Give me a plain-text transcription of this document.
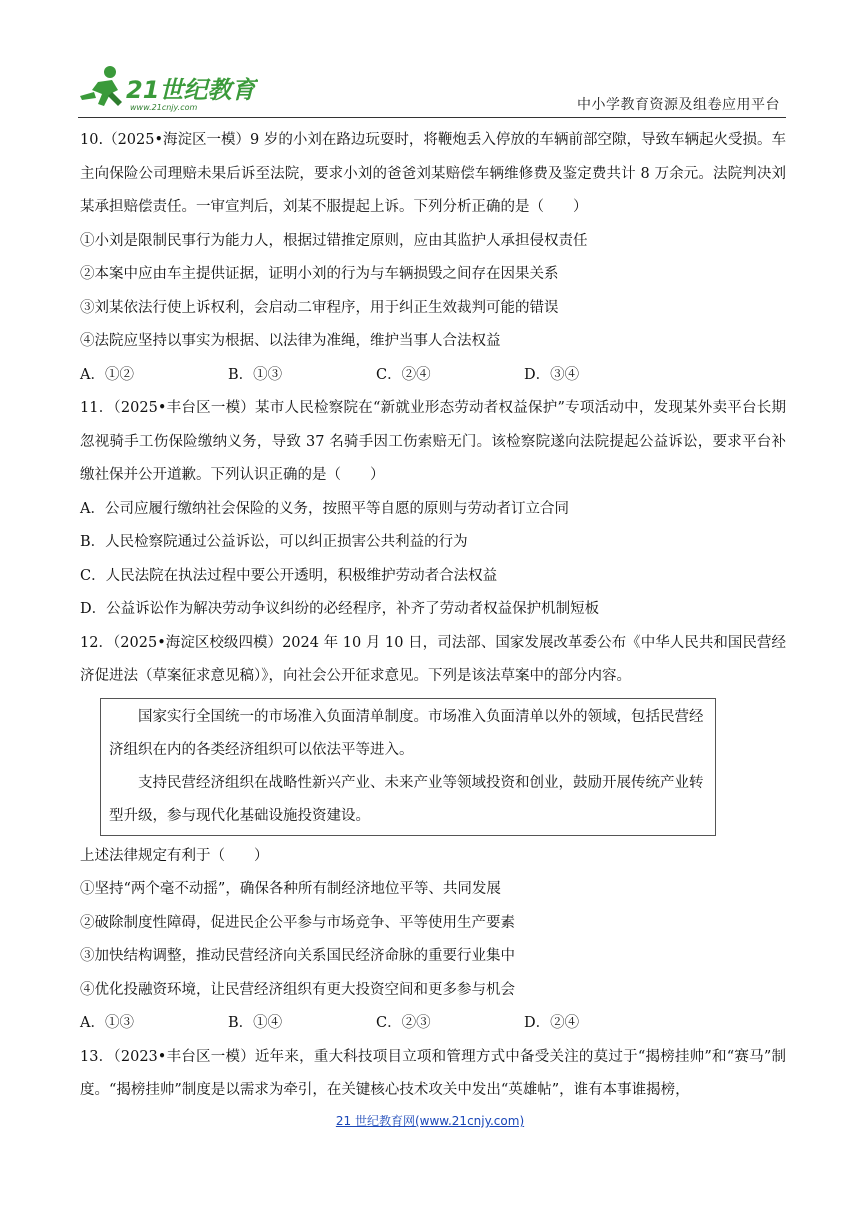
21世纪教育
www.21cnjy.com	中小学教育资源及组卷应用平台

10.（2025•海淀区一模）9 岁的小刘在路边玩耍时，将鞭炮丢入停放的车辆前部空隙，导致车辆起火受损。车主向保险公司理赔未果后诉至法院，要求小刘的爸爸刘某赔偿车辆维修费及鉴定费共计 8 万余元。法院判决刘某承担赔偿责任。一审宣判后，刘某不服提起上诉。下列分析正确的是（　　）

①小刘是限制民事行为能力人，根据过错推定原则，应由其监护人承担侵权责任

②本案中应由车主提供证据，证明小刘的行为与车辆损毁之间存在因果关系

③刘某依法行使上诉权利，会启动二审程序，用于纠正生效裁判可能的错误

④法院应坚持以事实为根据、以法律为准绳，维护当事人合法权益

A．①②	B．①③	C．②④	D．③④

11．（2025•丰台区一模）某市人民检察院在“新就业形态劳动者权益保护”专项活动中，发现某外卖平台长期忽视骑手工伤保险缴纳义务，导致 37 名骑手因工伤索赔无门。该检察院遂向法院提起公益诉讼，要求平台补缴社保并公开道歉。下列认识正确的是（　　）

A．公司应履行缴纳社会保险的义务，按照平等自愿的原则与劳动者订立合同

B．人民检察院通过公益诉讼，可以纠正损害公共利益的行为

C．人民法院在执法过程中要公开透明，积极维护劳动者合法权益

D．公益诉讼作为解决劳动争议纠纷的必经程序，补齐了劳动者权益保护机制短板

12．（2025•海淀区校级四模）2024 年 10 月 10 日，司法部、国家发展改革委公布《中华人民共和国民营经济促进法（草案征求意见稿）》，向社会公开征求意见。下列是该法草案中的部分内容。

国家实行全国统一的市场准入负面清单制度。市场准入负面清单以外的领域，包括民营经济组织在内的各类经济组织可以依法平等进入。

支持民营经济组织在战略性新兴产业、未来产业等领域投资和创业，鼓励开展传统产业转型升级，参与现代化基础设施投资建设。

上述法律规定有利于（　　）

①坚持“两个毫不动摇”，确保各种所有制经济地位平等、共同发展

②破除制度性障碍，促进民企公平参与市场竞争、平等使用生产要素

③加快结构调整，推动民营经济向关系国民经济命脉的重要行业集中

④优化投融资环境，让民营经济组织有更大投资空间和更多参与机会

A．①③	B．①④	C．②③	D．②④

13．（2023•丰台区一模）近年来，重大科技项目立项和管理方式中备受关注的莫过于“揭榜挂帅”和“赛马”制度。“揭榜挂帅”制度是以需求为牵引，在关键核心技术攻关中发出“英雄帖”，谁有本事谁揭榜，

21 世纪教育网(www.21cnjy.com)
